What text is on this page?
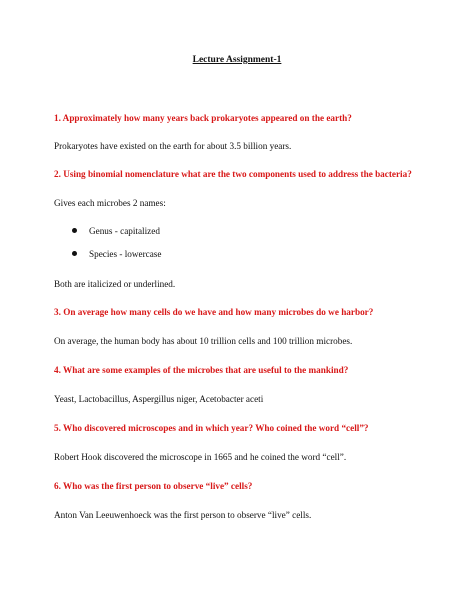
Lecture Assignment-1
1. Approximately how many years back prokaryotes appeared on the earth?
Prokaryotes have existed on the earth for about 3.5 billion years.
2. Using binomial nomenclature what are the two components used to address the bacteria?
Gives each microbes 2 names:
Genus - capitalized
Species - lowercase
Both are italicized or underlined.
3. On average how many cells do we have and how many microbes do we harbor?
On average, the human body has about 10 trillion cells and 100 trillion microbes.
4. What are some examples of the microbes that are useful to the mankind?
Yeast, Lactobacillus, Aspergillus niger, Acetobacter aceti
5. Who discovered microscopes and in which year? Who coined the word “cell”?
Robert Hook discovered the microscope in 1665 and he coined the word “cell”.
6. Who was the first person to observe “live” cells?
Anton Van Leeuwenhoeck was the first person to observe “live” cells.
